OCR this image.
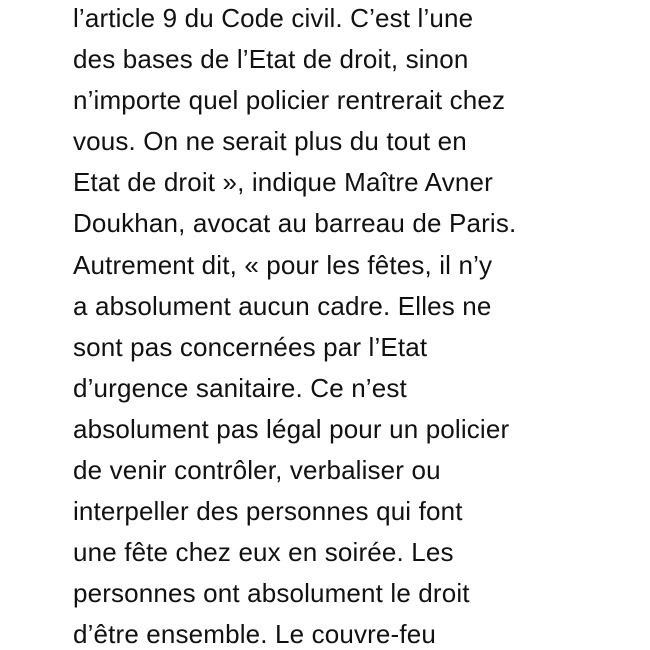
l’article 9 du Code civil. C’est l’une
des bases de l’Etat de droit, sinon
n’importe quel policier rentrerait chez
vous. On ne serait plus du tout en
Etat de droit », indique Maître Avner
Doukhan, avocat au barreau de Paris.
Autrement dit, « pour les fêtes, il n’y
a absolument aucun cadre. Elles ne
sont pas concernées par l’Etat
d’urgence sanitaire. Ce n’est
absolument pas légal pour un policier
de venir contrôler, verbaliser ou
interpeller des personnes qui font
une fête chez eux en soirée. Les
personnes ont absolument le droit
d’être ensemble. Le couvre-feu
